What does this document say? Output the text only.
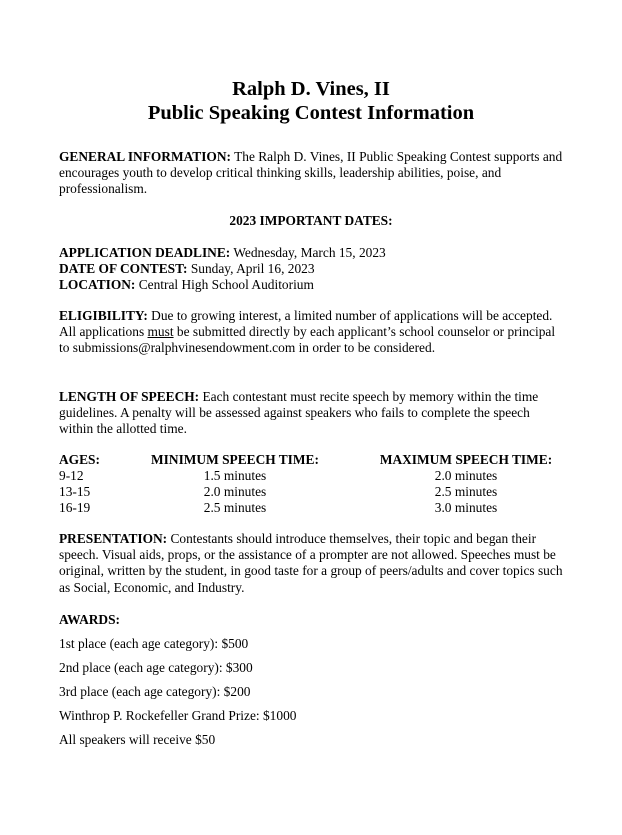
Ralph D. Vines, II
Public Speaking Contest Information
GENERAL INFORMATION: The Ralph D. Vines, II Public Speaking Contest supports and encourages youth to develop critical thinking skills, leadership abilities, poise, and professionalism.
2023 IMPORTANT DATES:
APPLICATION DEADLINE: Wednesday, March 15, 2023
DATE OF CONTEST: Sunday, April 16, 2023
LOCATION: Central High School Auditorium
ELIGIBILITY: Due to growing interest, a limited number of applications will be accepted. All applications must be submitted directly by each applicant’s school counselor or principal to submissions@ralphvinesendowment.com in order to be considered.
LENGTH OF SPEECH: Each contestant must recite speech by memory within the time guidelines. A penalty will be assessed against speakers who fails to complete the speech within the allotted time.
AGES:	MINIMUM SPEECH TIME:	MAXIMUM SPEECH TIME:
9-12	1.5 minutes	2.0 minutes
13-15	2.0 minutes	2.5 minutes
16-19	2.5 minutes	3.0 minutes
PRESENTATION: Contestants should introduce themselves, their topic and began their speech. Visual aids, props, or the assistance of a prompter are not allowed. Speeches must be original, written by the student, in good taste for a group of peers/adults and cover topics such as Social, Economic, and Industry.
AWARDS:
1st place (each age category): $500
2nd place (each age category): $300
3rd place (each age category): $200
Winthrop P. Rockefeller Grand Prize: $1000
All speakers will receive $50
